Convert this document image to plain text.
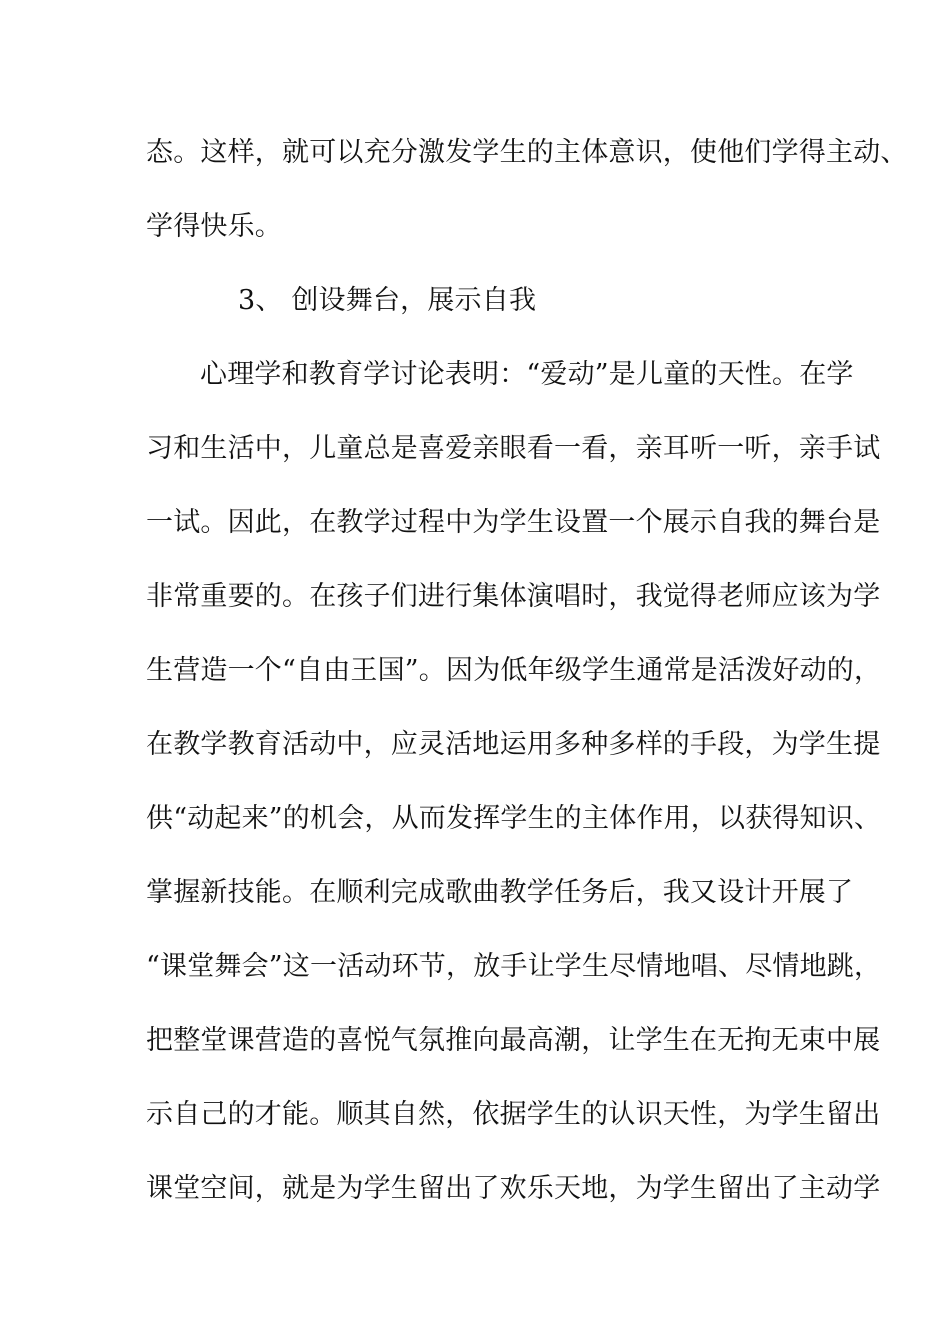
态。这样，就可以充分激发学生的主体意识，使他们学得主动、
学得快乐。
3、 创设舞台，展示自我
心理学和教育学讨论表明：“爱动”是儿童的天性。在学
习和生活中，儿童总是喜爱亲眼看一看，亲耳听一听，亲手试
一试。因此，在教学过程中为学生设置一个展示自我的舞台是
非常重要的。在孩子们进行集体演唱时，我觉得老师应该为学
生营造一个“自由王国”。因为低年级学生通常是活泼好动的，
在教学教育活动中，应灵活地运用多种多样的手段，为学生提
供“动起来”的机会，从而发挥学生的主体作用，以获得知识、
掌握新技能。在顺利完成歌曲教学任务后，我又设计开展了
“课堂舞会”这一活动环节，放手让学生尽情地唱、尽情地跳，
把整堂课营造的喜悦气氛推向最高潮，让学生在无拘无束中展
示自己的才能。顺其自然，依据学生的认识天性，为学生留出
课堂空间，就是为学生留出了欢乐天地，为学生留出了主动学
